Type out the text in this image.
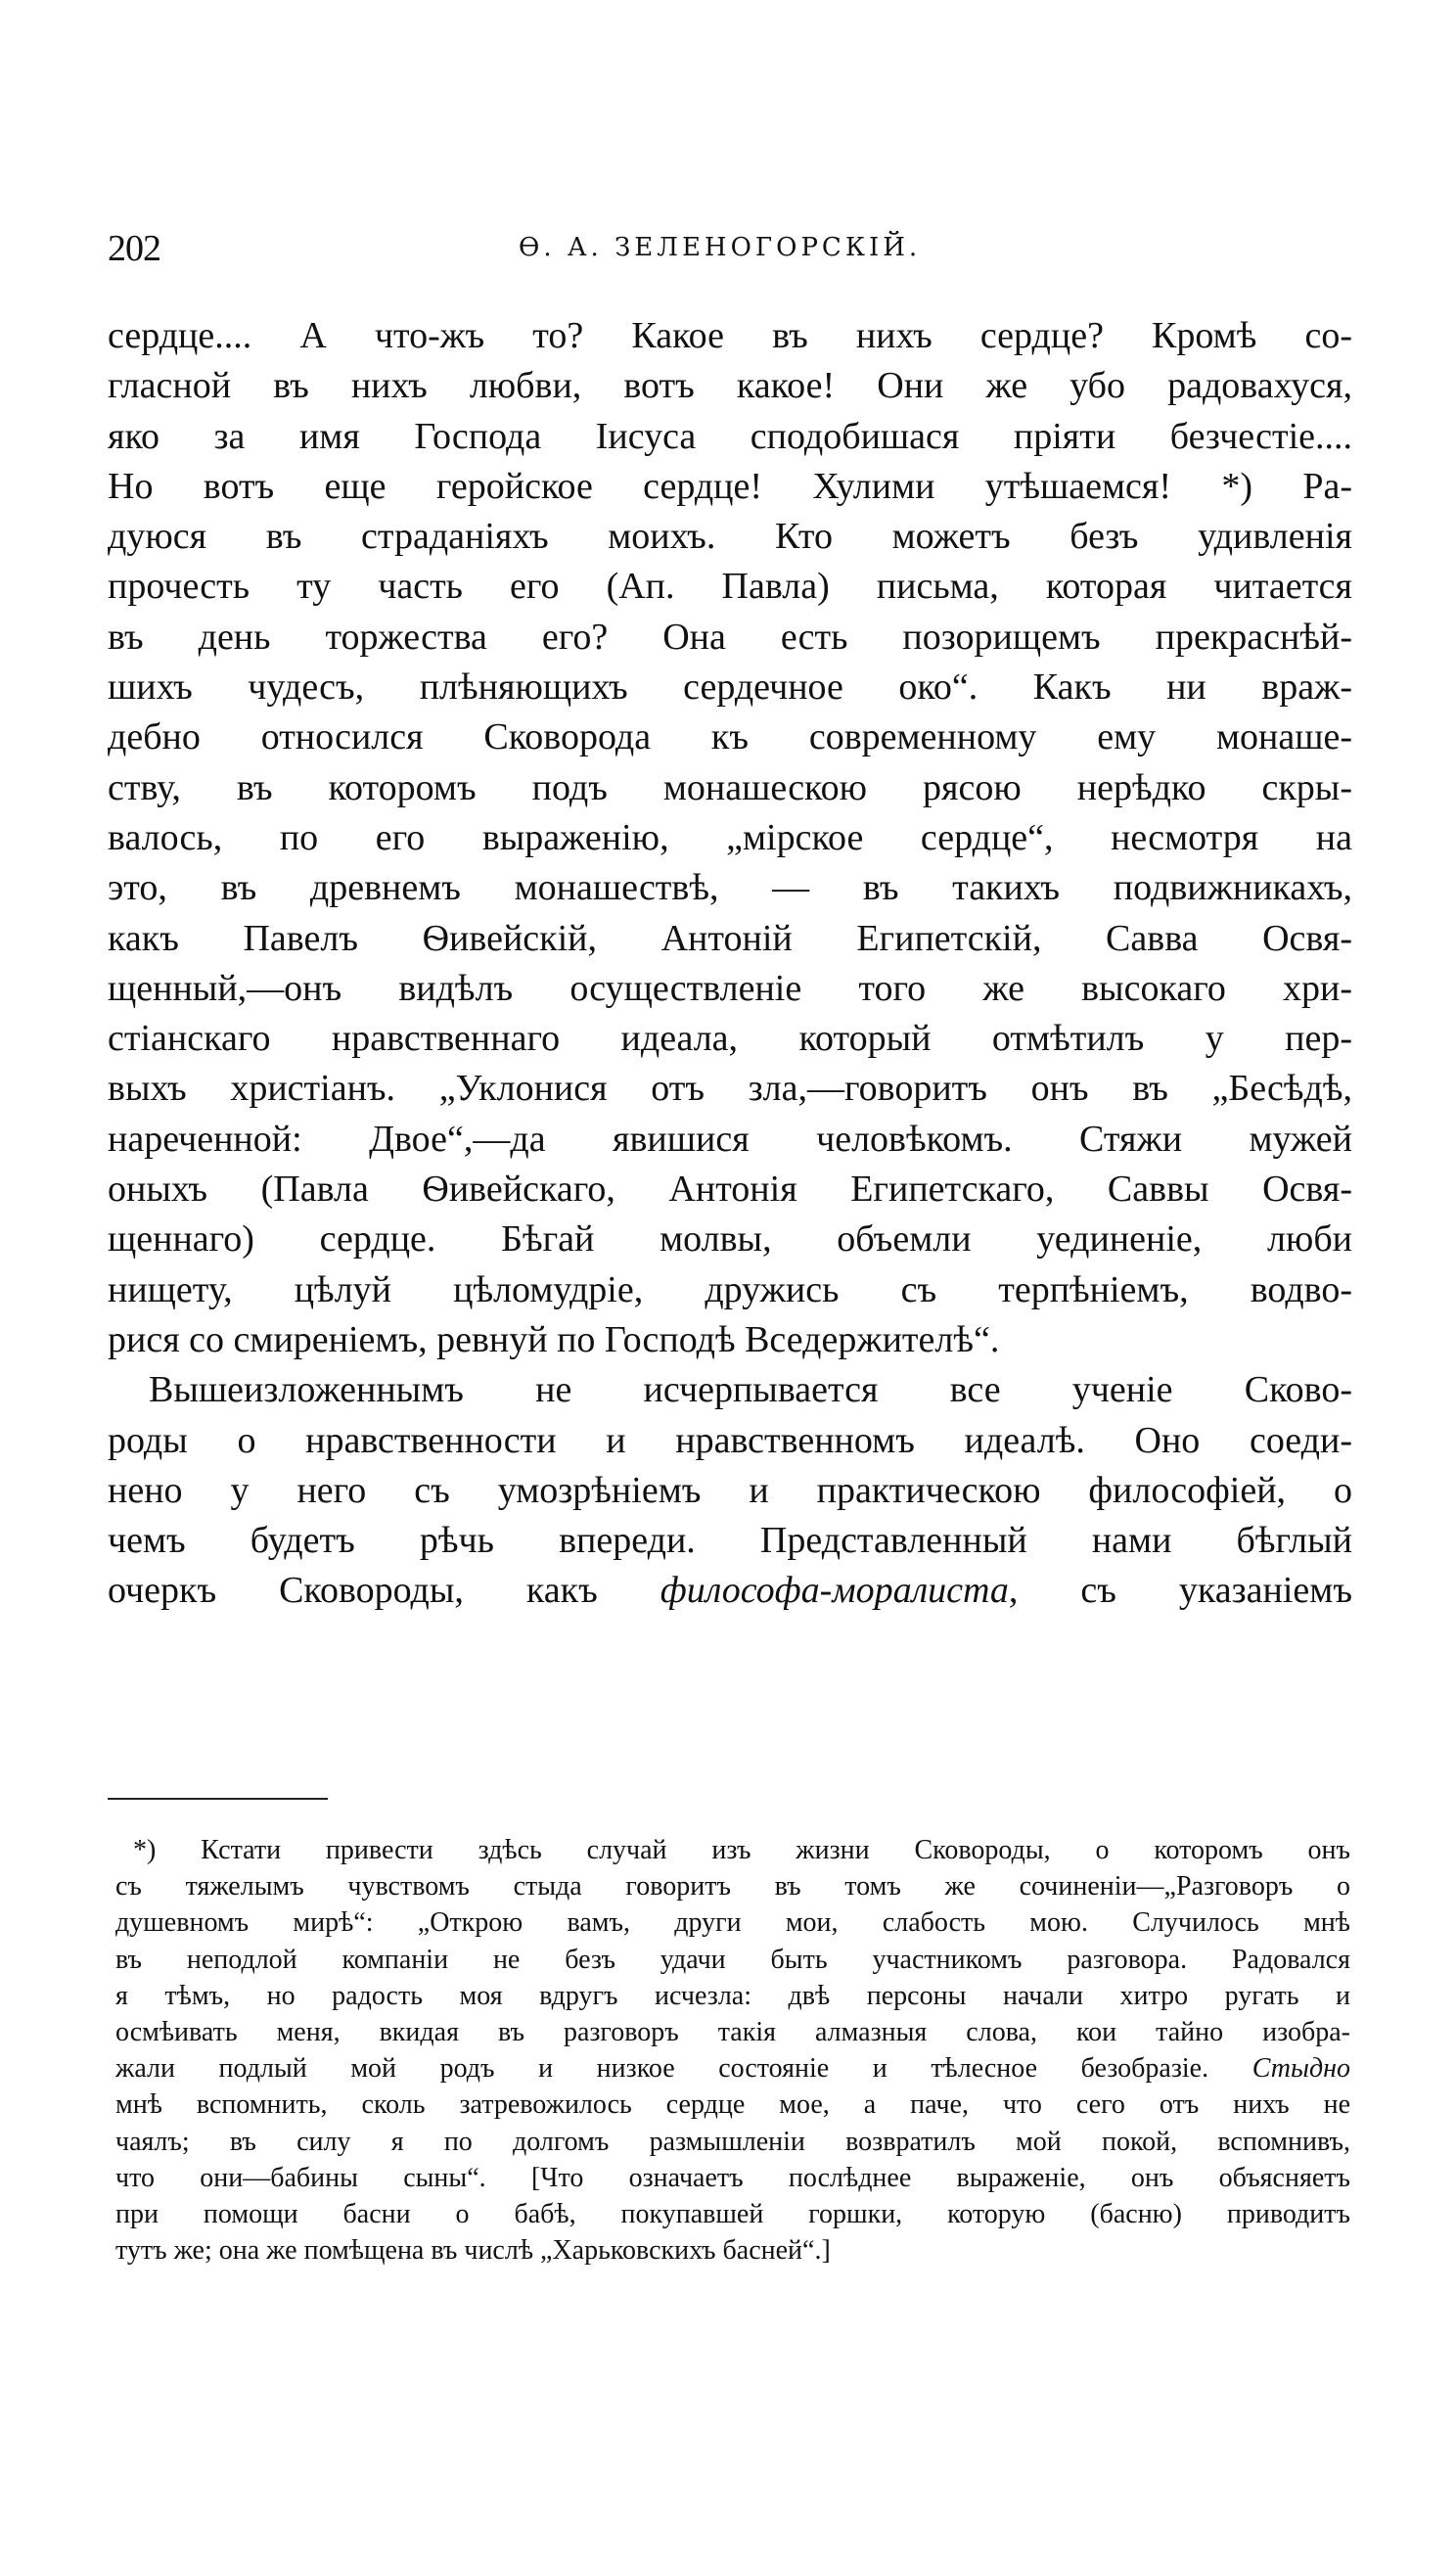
202	Ѳ. А. ЗЕЛЕНОГОРСКІЙ.
сердце.... А что-жъ то? Какое въ нихъ сердце? Кромѣ со-
гласной въ нихъ любви, вотъ какое! Они же убо радовахуся,
яко за имя Господа Іисуса сподобишася пріяти безчестіе....
Но вотъ еще геройское сердце! Хулими утѣшаемся! *) Ра-
дуюся въ страданіяхъ моихъ. Кто можетъ безъ удивленія
прочесть ту часть его (Ап. Павла) письма, которая читается
въ день торжества его? Она есть позорищемъ прекраснѣй-
шихъ чудесъ, плѣняющихъ сердечное око“. Какъ ни враж-
дебно относился Сковорода къ современному ему монаше-
ству, въ которомъ подъ монашескою рясою нерѣдко скры-
валось, по его выраженію, „мірское сердце“, несмотря на
это, въ древнемъ монашествѣ, — въ такихъ подвижникахъ,
какъ Павелъ Ѳивейскій, Антоній Египетскій, Савва Освя-
щенный,—онъ видѣлъ осуществленіе того же высокаго хри-
стіанскаго нравственнаго идеала, который отмѣтилъ у пер-
выхъ христіанъ. „Уклонися отъ зла,—говоритъ онъ въ „Бесѣдѣ,
нареченной: Двое“,—да явишися человѣкомъ. Стяжи мужей
оныхъ (Павла Ѳивейскаго, Антонія Египетскаго, Саввы Освя-
щеннаго) сердце. Бѣгай молвы, объемли уединеніе, люби
нищету, цѣлуй цѣломудріе, дружись съ терпѣніемъ, водво-
рися со смиреніемъ, ревнуй по Господѣ Вседержителѣ“.
Вышеизложеннымъ не исчерпывается все ученіе Сково-
роды о нравственности и нравственномъ идеалѣ. Оно соеди-
нено у него съ умозрѣніемъ и практическою философіей, о
чемъ будетъ рѣчь впереди. Представленный нами бѣглый
очеркъ Сковороды, какъ философа-моралиста, съ указаніемъ
*) Кстати привести здѣсь случай изъ жизни Сковороды, о которомъ онъ
съ тяжелымъ чувствомъ стыда говоритъ въ томъ же сочиненіи—„Разговоръ о
душевномъ мирѣ“: „Открою вамъ, други мои, слабость мою. Случилось мнѣ
въ неподлой компаніи не безъ удачи быть участникомъ разговора. Радовался
я тѣмъ, но радость моя вдругъ исчезла: двѣ персоны начали хитро ругать и
осмѣивать меня, вкидая въ разговоръ такія алмазныя слова, кои тайно изобра-
жали подлый мой родъ и низкое состояніе и тѣлесное безобразіе. Стыдно
мнѣ вспомнить, сколь затревожилось сердце мое, а паче, что сего отъ нихъ не
чаялъ; въ силу я по долгомъ размышленіи возвратилъ мой покой, вспомнивъ,
что они—бабины сыны“. [Что означаетъ послѣднее выраженіе, онъ объясняетъ
при помощи басни о бабѣ, покупавшей горшки, которую (басню) приводитъ
тутъ же; она же помѣщена въ числѣ „Харьковскихъ басней“.]
